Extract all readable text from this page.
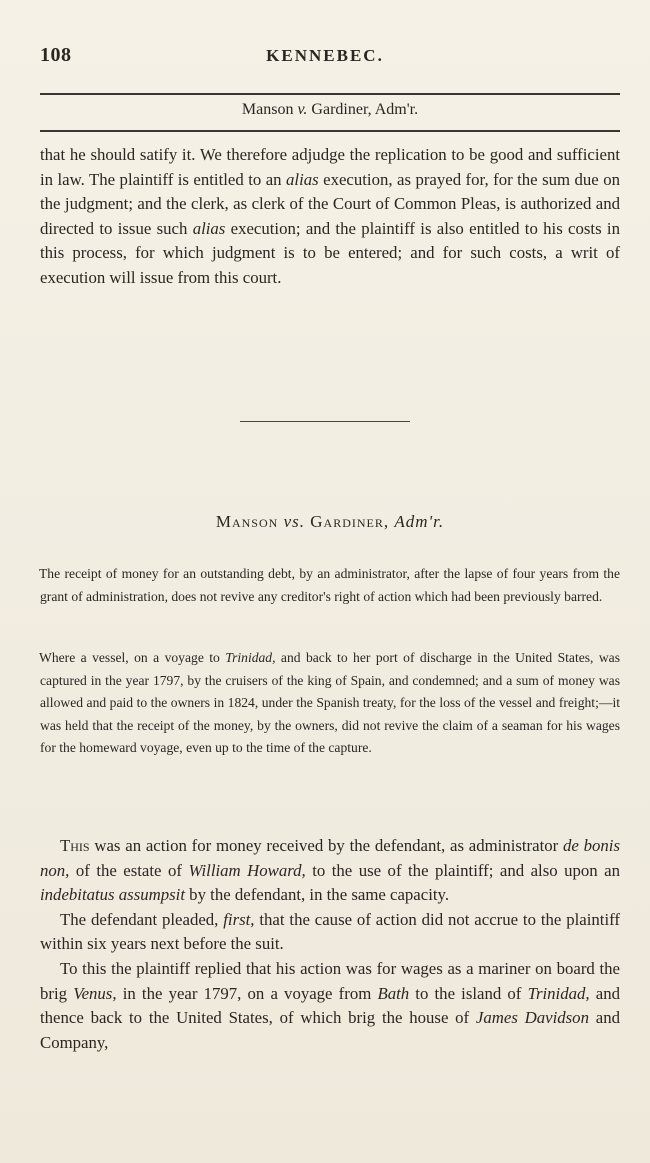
108	KENNEBEC.
Manson v. Gardiner, Adm'r.
that he should satify it. We therefore adjudge the replication to be good and sufficient in law. The plaintiff is entitled to an alias execution, as prayed for, for the sum due on the judgment; and the clerk, as clerk of the Court of Common Pleas, is authorized and directed to issue such alias execution; and the plaintiff is also entitled to his costs in this process, for which judgment is to be entered; and for such costs, a writ of execution will issue from this court.
Manson vs. Gardiner, Adm'r.

The receipt of money for an outstanding debt, by an administrator, after the lapse of four years from the grant of administration, does not revive any creditor's right of action which had been previously barred.

Where a vessel, on a voyage to Trinidad, and back to her port of discharge in the United States, was captured in the year 1797, by the cruisers of the king of Spain, and condemned; and a sum of money was allowed and paid to the owners in 1824, under the Spanish treaty, for the loss of the vessel and freight;—it was held that the receipt of the money, by the owners, did not revive the claim of a seaman for his wages for the homeward voyage, even up to the time of the capture.

This was an action for money received by the defendant, as administrator de bonis non, of the estate of William Howard, to the use of the plaintiff; and also upon an indebitatus assumpsit by the defendant, in the same capacity.

The defendant pleaded, first, that the cause of action did not accrue to the plaintiff within six years next before the suit.

To this the plaintiff replied that his action was for wages as a mariner on board the brig Venus, in the year 1797, on a voyage from Bath to the island of Trinidad, and thence back to the United States, of which brig the house of James Davidson and Company,
